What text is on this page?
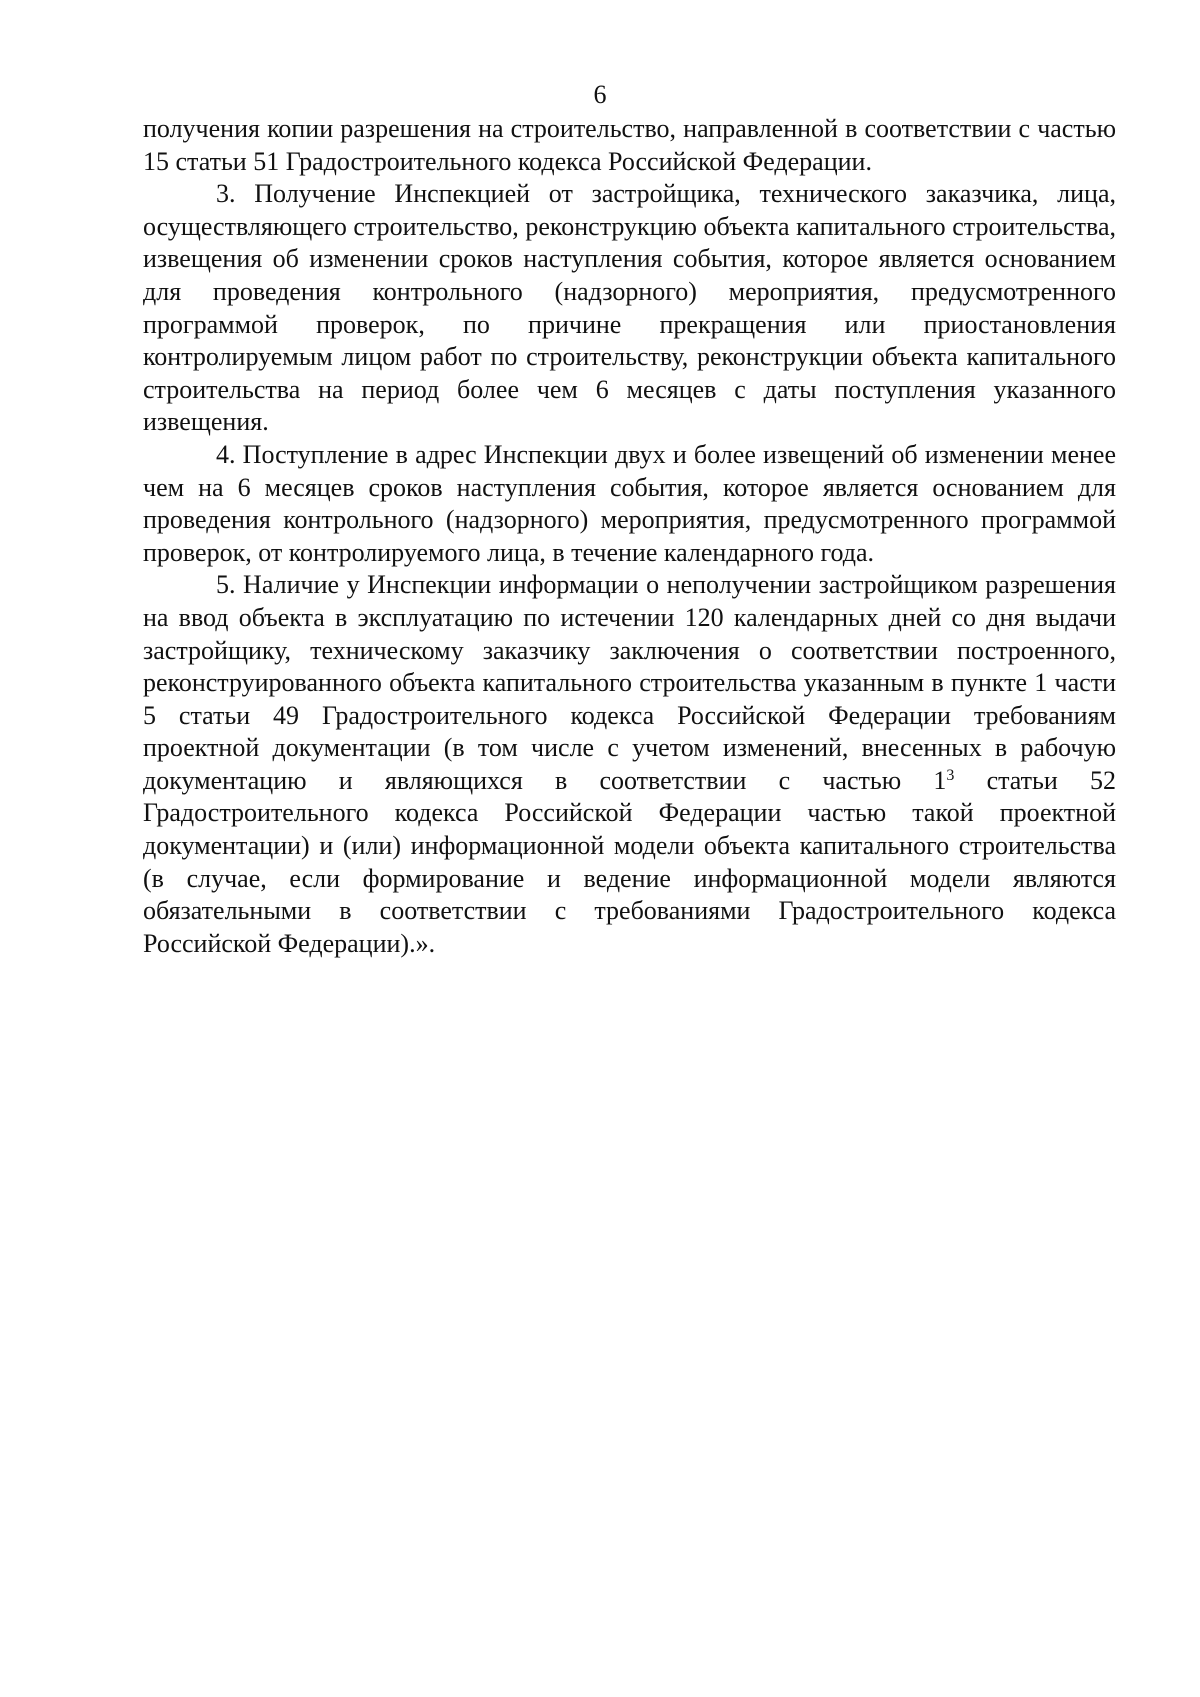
6

получения копии разрешения на строительство, направленной в соответствии с частью 15 статьи 51 Градостроительного кодекса Российской Федерации.

3. Получение Инспекцией от застройщика, технического заказчика, лица, осуществляющего строительство, реконструкцию объекта капитального строительства, извещения об изменении сроков наступления события, которое является основанием для проведения контрольного (надзорного) мероприятия, предусмотренного программой проверок, по причине прекращения или приостановления контролируемым лицом работ по строительству, реконструкции объекта капитального строительства на период более чем 6 месяцев с даты поступления указанного извещения.

4. Поступление в адрес Инспекции двух и более извещений об изменении менее чем на 6 месяцев сроков наступления события, которое является основанием для проведения контрольного (надзорного) мероприятия, предусмотренного программой проверок, от контролируемого лица, в течение календарного года.

5. Наличие у Инспекции информации о неполучении застройщиком разрешения на ввод объекта в эксплуатацию по истечении 120 календарных дней со дня выдачи застройщику, техническому заказчику заключения о соответствии построенного, реконструированного объекта капитального строительства указанным в пункте 1 части 5 статьи 49 Градостроительного кодекса Российской Федерации требованиям проектной документации (в том числе с учетом изменений, внесенных в рабочую документацию и являющихся в соответствии с частью $1^3$ статьи 52 Градостроительного кодекса Российской Федерации частью такой проектной документации) и (или) информационной модели объекта капитального строительства (в случае, если формирование и ведение информационной модели являются обязательными в соответствии с требованиями Градостроительного кодекса Российской Федерации).».
